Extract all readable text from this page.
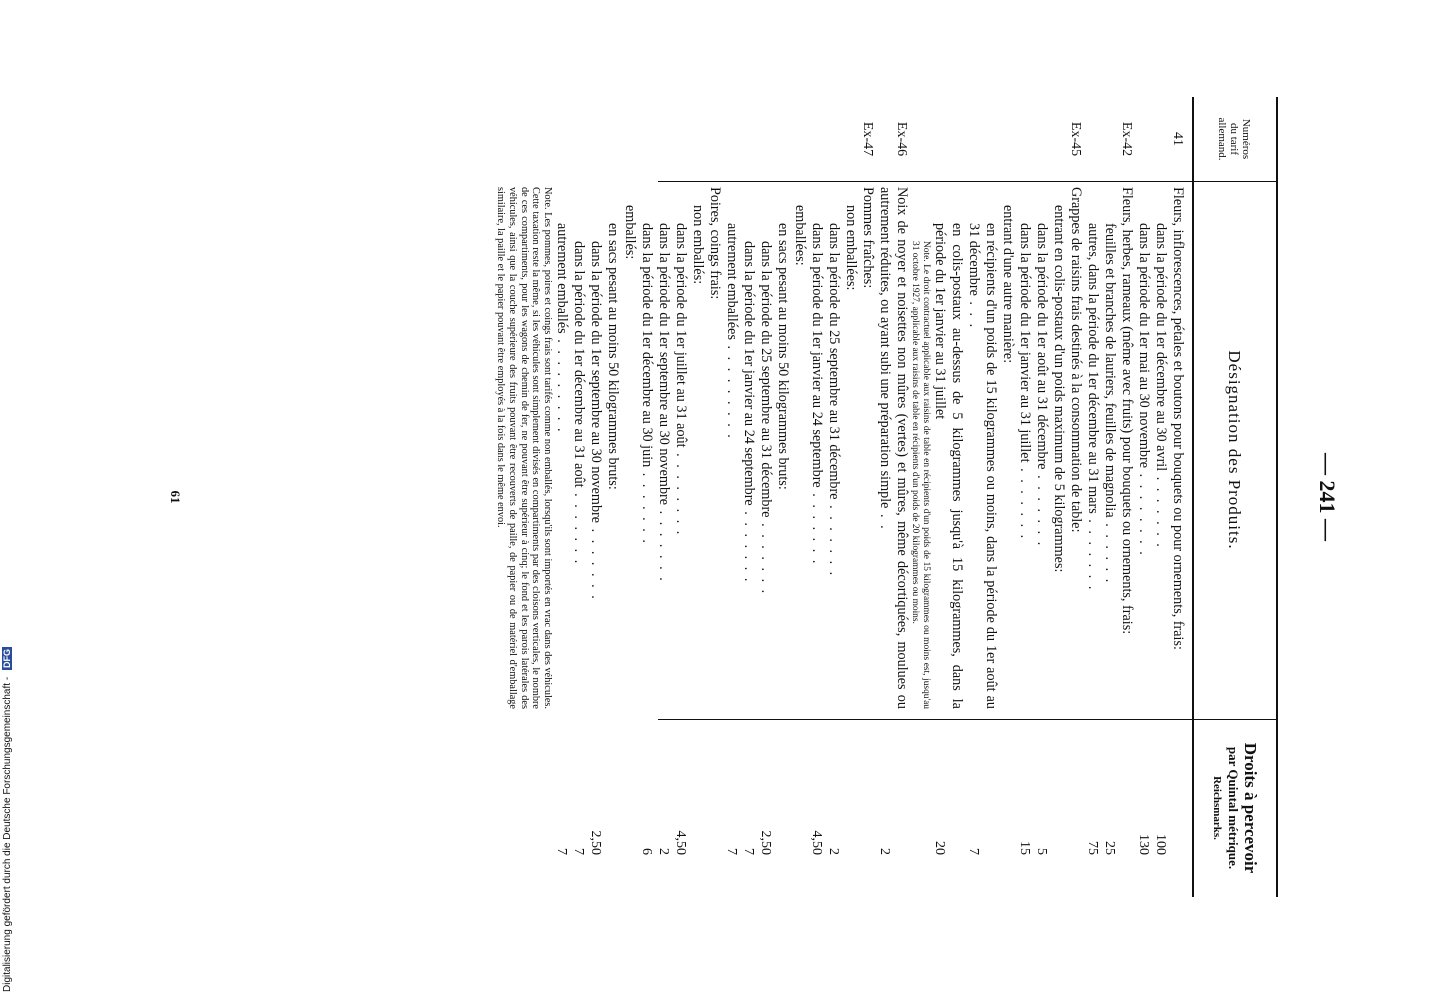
Numéros
du tarif
allemand.
Désignation des Produits.
Droits à percevoir
par Quintal métrique.
Reichsmarks.
41
Fleurs, inflorescences, pétales et boutons pour bouquets ou pour ornements, frais:
dans la période du 1er décembre au 30 avril . . . . . . .
100
dans la période du 1er mai au 30 novembre . . . . . . . .
130
Ex-42
Fleurs, herbes, rameaux (même avec fruits) pour bouquets ou ornements, frais:
feuilles et branches de lauriers, feuilles de magnolia . . . . . .
25
autres, dans la période du 1er décembre au 31 mars . . . . . . .
75
Ex-45
Grappes de raisins frais destinés à la consommation de table:
entrant en colis-postaux d'un poids maximum de 5 kilogrammes:
dans la période du 1er août au 31 décembre . . . . . . .
5
dans la période du 1er janvier au 31 juillet . . . . . . .
15
entrant d'une autre manière:
en récipients d'un poids de 15 kilogrammes ou moins, dans la période du 1er août au 31 décembre . . .
7
en colis-postaux au-dessus de 5 kilogrammes jusqu'à 15 kilogrammes, dans la période du 1er janvier au 31 juillet
20
Note. Le droit contractuel applicable aux raisins de table en récipients d'un poids de 15 kilogrammes ou moins est, jusqu'au 31 octobre 1927, applicable aux raisins de table en récipients d'un poids de 20 kilogrammes ou moins.
Ex-46
Noix de noyer et noisettes non mûres (vertes) et mûres, même décortiquées, moulues ou autrement réduites, ou ayant subi une préparation simple . .
2
Ex-47
Pommes fraîches:
non emballées:
dans la période du 25 septembre au 31 décembre . . . . . . .
2
dans la période du 1er janvier au 24 septembre . . . . . . .
4,50
emballées:
en sacs pesant au moins 50 kilogrammes bruts:
dans la période du 25 septembre au 31 décembre . . . . . . .
2,50
dans la période du 1er janvier au 24 septembre . . . . . . .
7
autrement emballées . . . . . . . . .
7
Poires, coings frais:
non emballés:
dans la période du 1er juillet au 31 août . . . . . . . .
4,50
dans la période du 1er septembre au 30 novembre . . . . . . .
2
dans la période du 1er décembre au 30 juin . . . . . . .
6
emballés:
en sacs pesant au moins 50 kilogrammes bruts:
dans la période du 1er septembre au 30 novembre . . . . . . .
2,50
dans la période du 1er décembre au 31 août . . . . . . .
7
autrement emballés . . . . . . . . .
7
Note. Les pommes, poires et coings frais sont tarifés comme non emballés, lorsqu'ils sont importés en vrac dans des véhicules. Cette taxation reste la même, si les véhicules sont simplement divisés en compartiments par des cloisons verticales, le nombre de ces compartiments, pour les wagons de chemin de fer, ne pouvant être supérieur à cinq; le fond et les parois latérales des véhicules, ainsi que la couche supérieure des fruits pouvant être recouverts de paille, de papier ou de matériel d'emballage similaire, la paille et le papier pouvant être employés à la fois dans le même envoi.
61	— 241 —
Digitalisierung gefördert durch die Deutsche Forschungsgemeinschaft - DFG
